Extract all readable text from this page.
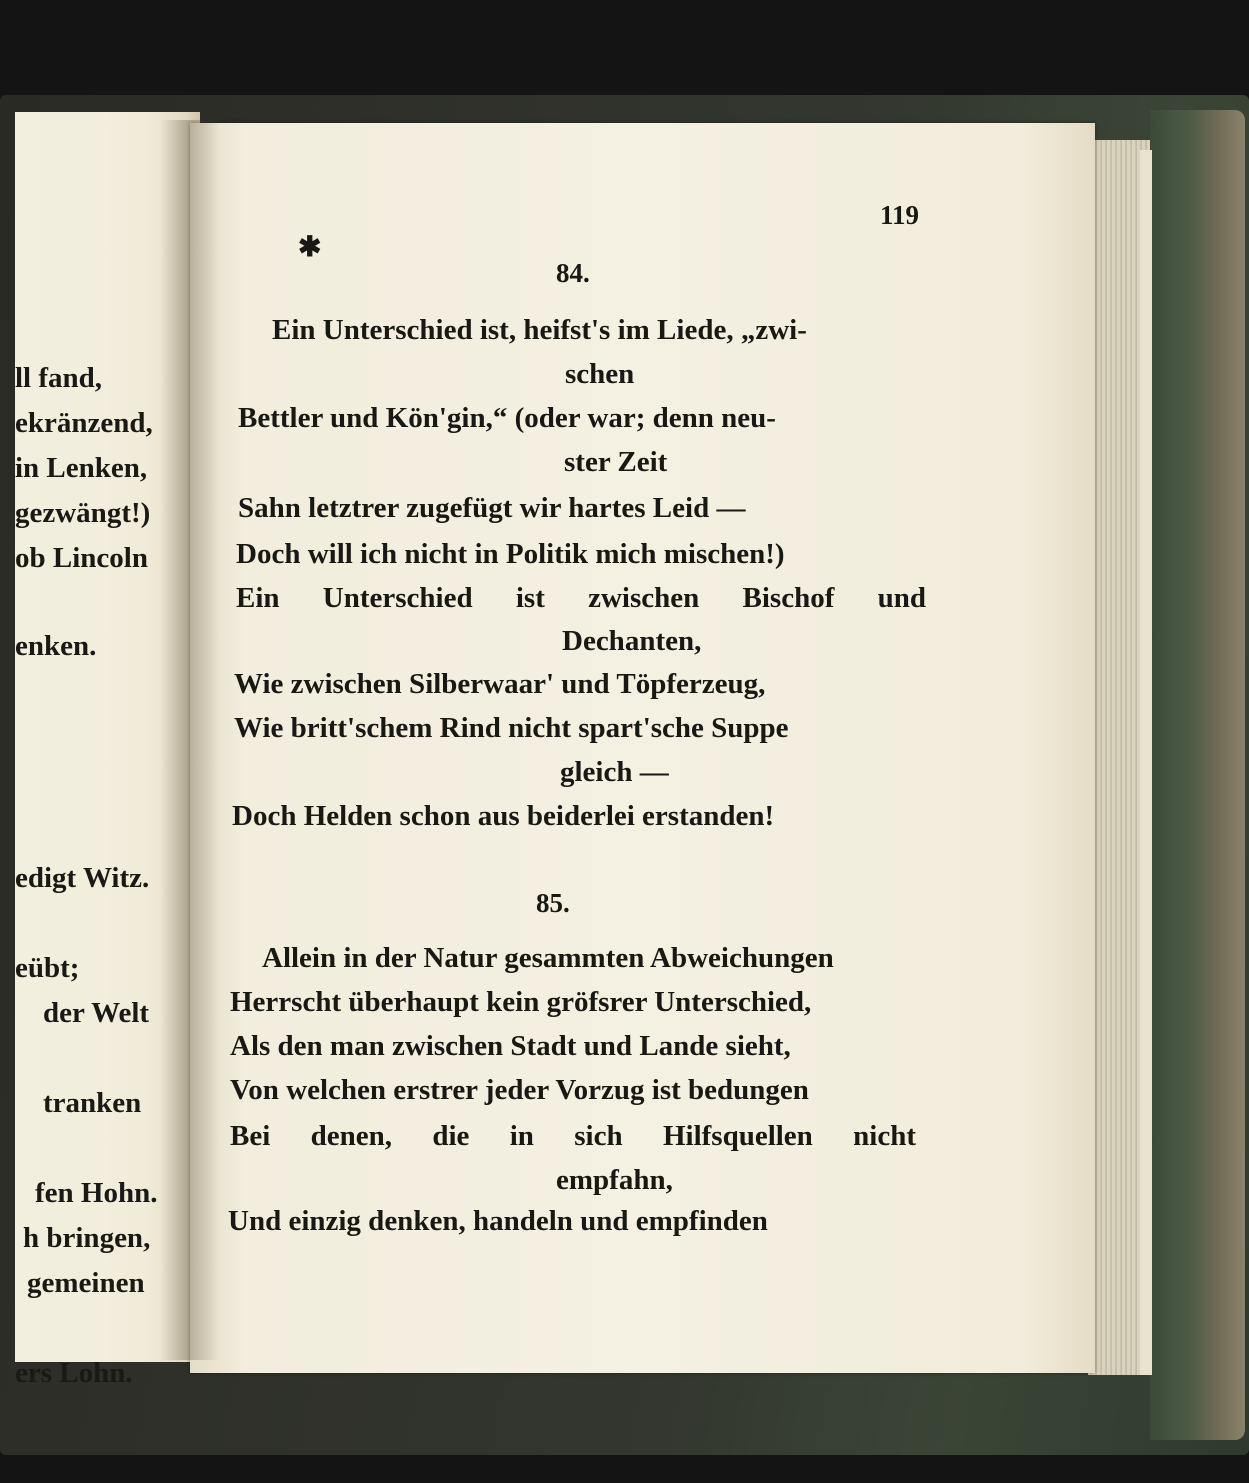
ll fand,
ekränzend,
in Lenken,
gezwängt!)
ob Lincoln
enken.
edigt Witz.
eübt;
der Welt
tranken
fen Hohn.
h bringen,
gemeinen
ers Lohn.
119
✱
84.
Ein Unterschied ist, heifst's im Liede, „zwi-
schen
Bettler und Kön'gin,“ (oder war; denn neu-
ster Zeit
Sahn letztrer zugefügt wir hartes Leid —
Doch will ich nicht in Politik mich mischen!)
Ein Unterschied ist zwischen Bischof und
Dechanten,
Wie zwischen Silberwaar' und Töpferzeug,
Wie britt'schem Rind nicht spart'sche Suppe
gleich —
Doch Helden schon aus beiderlei erstanden!
85.
Allein in der Natur gesammten Abweichungen
Herrscht überhaupt kein gröfsrer Unterschied,
Als den man zwischen Stadt und Lande sieht,
Von welchen erstrer jeder Vorzug ist bedungen
Bei denen, die in sich Hilfsquellen nicht
empfahn,
Und einzig denken, handeln und empfinden
